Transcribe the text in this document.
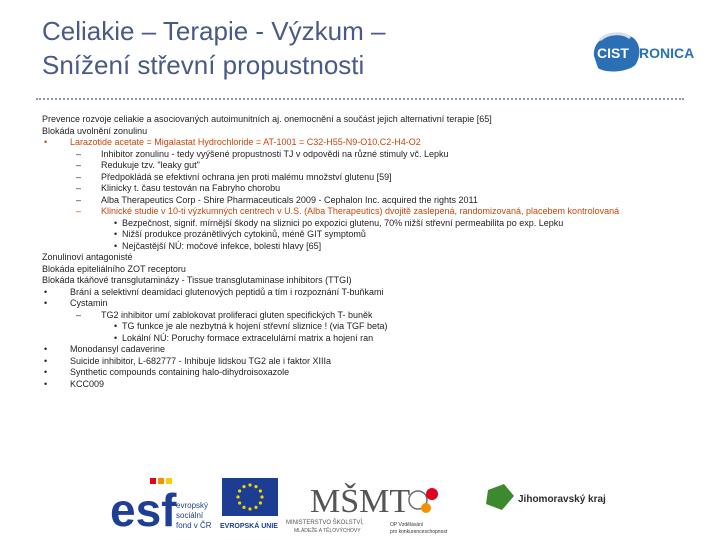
Celiakie – Terapie - Výzkum –
Snížení střevní propustnosti	CIST RONICA
Prevence rozvoje celiakie a asociovaných autoimunitních aj. onemocnění a součást jejich alternativní terapie [65]
Blokáda uvolnění zonulinu
•	Larazotide acetate = Migalastat Hydrochloride = AT-1001 = C32-H55-N9-O10.C2-H4-O2
– Inhibitor zonulinu - tedy vyýšené propustnosti TJ v odpovědi na různé stimuly vč. Lepku
– Redukuje tzv. "leaky gut"
– Předpokládá se efektivní ochrana jen proti malému množství glutenu [59]
– Klinicky t. času testován na Fabryho chorobu
– Alba Therapeutics Corp - Shire Pharmaceuticals 2009 - Cephalon Inc. acquired the rights 2011
– Klinické studie v 10-ti výzkumných centrech v U.S. (Alba Therapeutics) dvojitě zaslepená, randomizovaná, placebem kontrolovaná
• Bezpečnost, signif. mírnější škody na sliznici po expozici glutenu, 70% nižší střevní permeabilita po exp. Lepku
• Nižší produkce prozánětlivých cytokinů, méně GIT symptomů
• Nejčastější NÚ: močové infekce, bolesti hlavy [65]
Zonulinoví antagonisté
Blokáda epiteliálního ZOT receptoru
Blokáda tkáňové transglutaminázy - Tissue transglutaminase inhibitors (TTGI)
•	Brání a selektivní deamidaci glutenových peptidů a tím i rozpoznání T-buňkami
•	Cystamin
– TG2 inhibitor umí zablokovat proliferaci gluten specifických T- buněk
• TG funkce je ale nezbytná k hojení střevní sliznice ! (via TGF beta)
• Lokální NÚ: Poruchy formace extracelulární matrix a hojení ran
•	Monodansyl cadaverine
•	Suicide inhibitor, L-682777 - Inhibuje lidskou TG2 ale i faktor XIIIa
•	Synthetic compounds containing halo-dihydroisoxazole
•	KCC009
esf evropský
sociální
fond v ČR EVROPSKÁ UNIE
MŠMT
MINISTERSTVO ŠKOLSTVÍ,
MLÁDEŽE A TĚLOVÝCHOVY
OP Vzdělávání
pro konkurenceschopnost
Jihomoravský kraj
